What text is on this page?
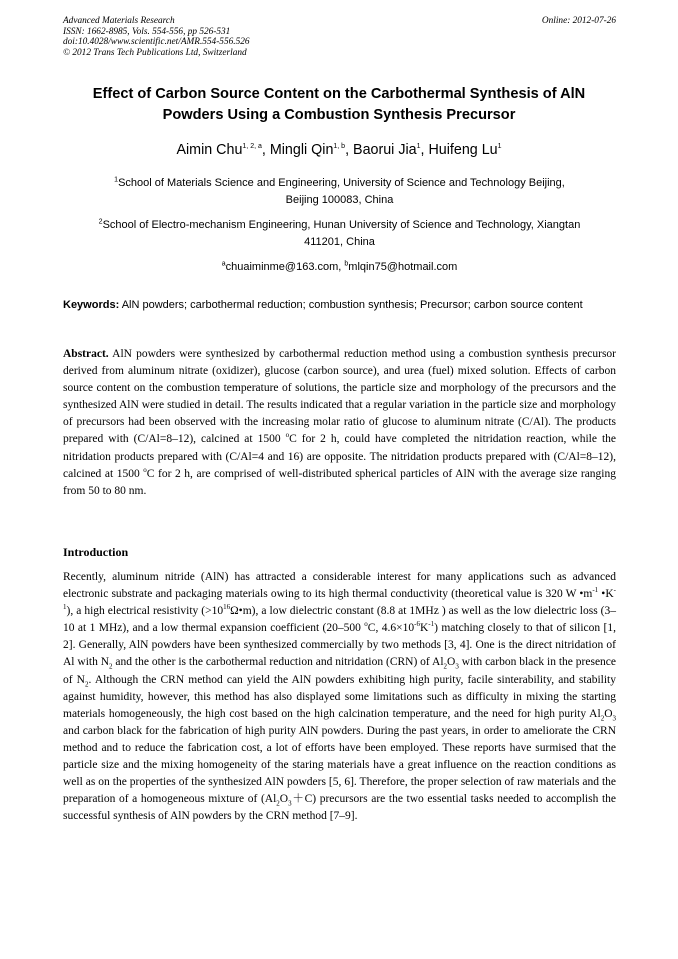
Advanced Materials Research
ISSN: 1662-8985, Vols. 554-556, pp 526-531
doi:10.4028/www.scientific.net/AMR.554-556.526
© 2012 Trans Tech Publications Ltd, Switzerland
Online: 2012-07-26
Effect of Carbon Source Content on the Carbothermal Synthesis of AlN
Powders Using a Combustion Synthesis Precursor
Aimin Chu$^{1, 2, a}$, Mingli Qin$^{1, b}$, Baorui Jia$^1$, Huifeng Lu$^1$
$^1$School of Materials Science and Engineering, University of Science and Technology Beijing,
Beijing 100083, China
$^2$School of Electro-mechanism Engineering, Hunan University of Science and Technology, Xiangtan
411201, China
$^a$chuaiminme@163.com, $^b$mlqin75@hotmail.com
Keywords: AlN powders; carbothermal reduction; combustion synthesis; Precursor; carbon source content
Abstract. AlN powders were synthesized by carbothermal reduction method using a combustion synthesis precursor derived from aluminum nitrate (oxidizer), glucose (carbon source), and urea (fuel) mixed solution. Effects of carbon source content on the combustion temperature of solutions, the particle size and morphology of the precursors and the synthesized AlN were studied in detail. The results indicated that a regular variation in the particle size and morphology of precursors had been observed with the increasing molar ratio of glucose to aluminum nitrate (C/Al). The products prepared with (C/Al=8–12), calcined at 1500 $^o$C for 2 h, could have completed the nitridation reaction, while the nitridation products prepared with (C/Al=4 and 16) are opposite. The nitridation products prepared with (C/Al=8–12), calcined at 1500 $^o$C for 2 h, are comprised of well-distributed spherical particles of AlN with the average size ranging from 50 to 80 nm.
Introduction
Recently, aluminum nitride (AlN) has attracted a considerable interest for many applications such as advanced electronic substrate and packaging materials owing to its high thermal conductivity (theoretical value is 320 W $•m^{-1}$ $•K^{-1}$), a high electrical resistivity $(>10^{16}\Omega•m)$, a low dielectric constant (8.8 at 1MHz ) as well as the low dielectric loss (3–10 at 1 MHz), and a low thermal expansion coefficient (20–500 $^o$C, $4.6\times 10^{-6}K^{-1}$) matching closely to that of silicon [1, 2]. Generally, AlN powders have been synthesized commercially by two methods [3, 4]. One is the direct nitridation of Al with $N_2$ and the other is the carbothermal reduction and nitridation (CRN) of $Al_2O_3$ with carbon black in the presence of $N_2$. Although the CRN method can yield the AlN powders exhibiting high purity, facile sinterability, and stability against humidity, however, this method has also displayed some limitations such as difficulty in mixing the starting materials homogeneously, the high cost based on the high calcination temperature, and the need for high purity $Al_2O_3$ and carbon black for the fabrication of high purity AlN powders. During the past years, in order to ameliorate the CRN method and to reduce the fabrication cost, a lot of efforts have been employed. These reports have surmised that the particle size and the mixing homogeneity of the staring materials have a great influence on the reaction conditions as well as on the properties of the synthesized AlN powders [5, 6]. Therefore, the proper selection of raw materials and the preparation of a homogeneous mixture of $(Al_2O_3+C)$ precursors are the two essential tasks needed to accomplish the successful synthesis of AlN powders by the CRN method [7–9].
